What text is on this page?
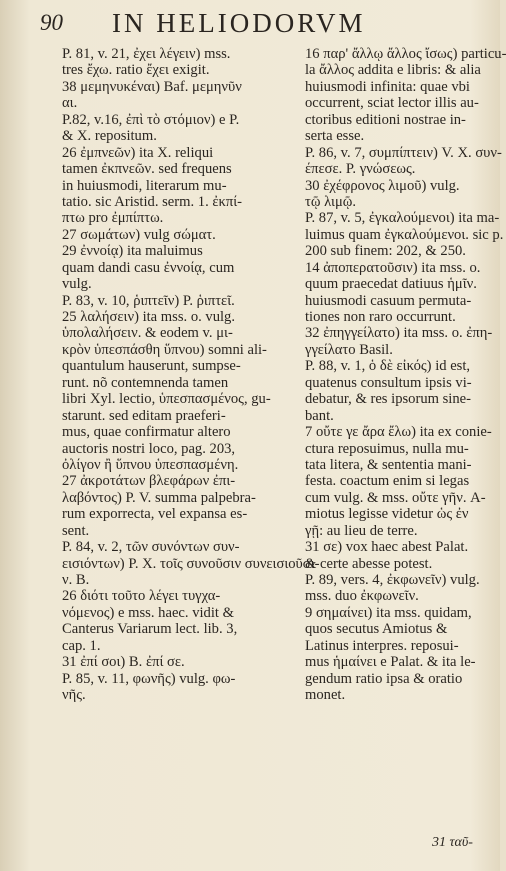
90 IN HELIODORVM
P. 81, v. 21, ἐχει λέγειν) mss.
tres ἔχω. ratio ἔχει exigit.
38 μεμηνυκέναι) Baf. μεμηνῦν
αι.
P.82, v.16, ἐπὶ τὸ στόμιον) e P.
& X. repositum.
26 ἐμπνεῶν) ita X. reliqui
tamen ἐκπνεῶν. sed frequens
in huiusmodi, literarum mu-
tatio. sic Aristid. serm. 1. ἐκπί-
πτω pro ἐμπίπτω.
27 σωμάτων) vulg σώματ.
29 ἐννοίᾳ) ita maluimus
quam dandi casu ἐννοίᾳ, cum
vulg.
P. 83, v. 10, ῥιπτεῖν) P. ῥιπτεῖ.
25 λαλήσειν) ita mss. o. vulg.
ὑπολαλήσειν. & eodem v. μι-
κρὸν ὑπεσπάσθη ὕπνου) somni ali-
quantulum hauserunt, sumpse-
runt. nõ contemnenda tamen
libri Xyl. lectio, ὑπεσπασμένος, gu-
starunt. sed editam praeferi-
mus, quae confirmatur altero
auctoris nostri loco, pag. 203,
ὀλίγον ἢ ὕπνου ὑπεσπασμένη.
27 ἀκροτάτων βλεφάρων ἐπι-
λαβόντος) P. V. summa palpebra-
rum exporrecta, vel expansa es-
sent.
P. 84, v. 2, τῶν συνόντων συν-
εισιόντων) P. X. τοῖς συνοῦσιν συνεισιοῦσι-
ν. B.
26 διότι τοῦτο λέγει τυγχα-
νόμενος) e mss. haec. vidit &
Canterus Variarum lect. lib. 3,
cap. 1.
31 ἐπί σοι) B. ἐπί σε.
P. 85, v. 11, φωνῆς) vulg. φω-
νῆς.
16 παρ' ἄλλῳ ἄλλος ἴσως) particu-
la ἄλλος addita e libris: & alia
huiusmodi infinita: quae vbi
occurrent, sciat lector illis au-
ctoribus editioni nostrae in-
serta esse.
P. 86, v. 7, συμπίπτειν) V. X. συν-
έπεσε. P. γνώσεως.
30 ἐχέφρονος λιμοῦ) vulg.
τῷ λιμῷ.
P. 87, v. 5, ἐγκαλούμενοι) ita ma-
luimus quam ἐγκαλούμενοι. sic p.
200 sub finem: 202, & 250.
14 ἀποπερατοῦσιν) ita mss. o.
quum praecedat datiuus ἡμῖν.
huiusmodi casuum permuta-
tiones non raro occurrunt.
32 ἐπηγγείλατο) ita mss. o. ἐπη-
γγείλατο Basil.
P. 88, v. 1, ὁ δὲ εἰκός) id est,
quatenus consultum ipsis vi-
debatur, & res ipsorum sine-
bant.
7 οὔτε γε ἄρα ἔλω) ita ex conie-
ctura reposuimus, nulla mu-
tata litera, & sententia mani-
festa. coactum enim si legas
cum vulg. & mss. οὔτε γῆν. A-
miotus legisse videtur ὡς ἐν
γῇ: au lieu de terre.
31 σε) vox haec abest Palat.
& certe abesse potest.
P. 89, vers. 4, ἐκφωνεῖν) vulg.
mss. duo ἐκφωνεῖν.
9 σημαίνει) ita mss. quidam,
quos secutus Amiotus &
Latinus interpres. reposui-
mus ἡμαίνει e Palat. & ita le-
gendum ratio ipsa & oratio
monet.
31 ταῦ-
